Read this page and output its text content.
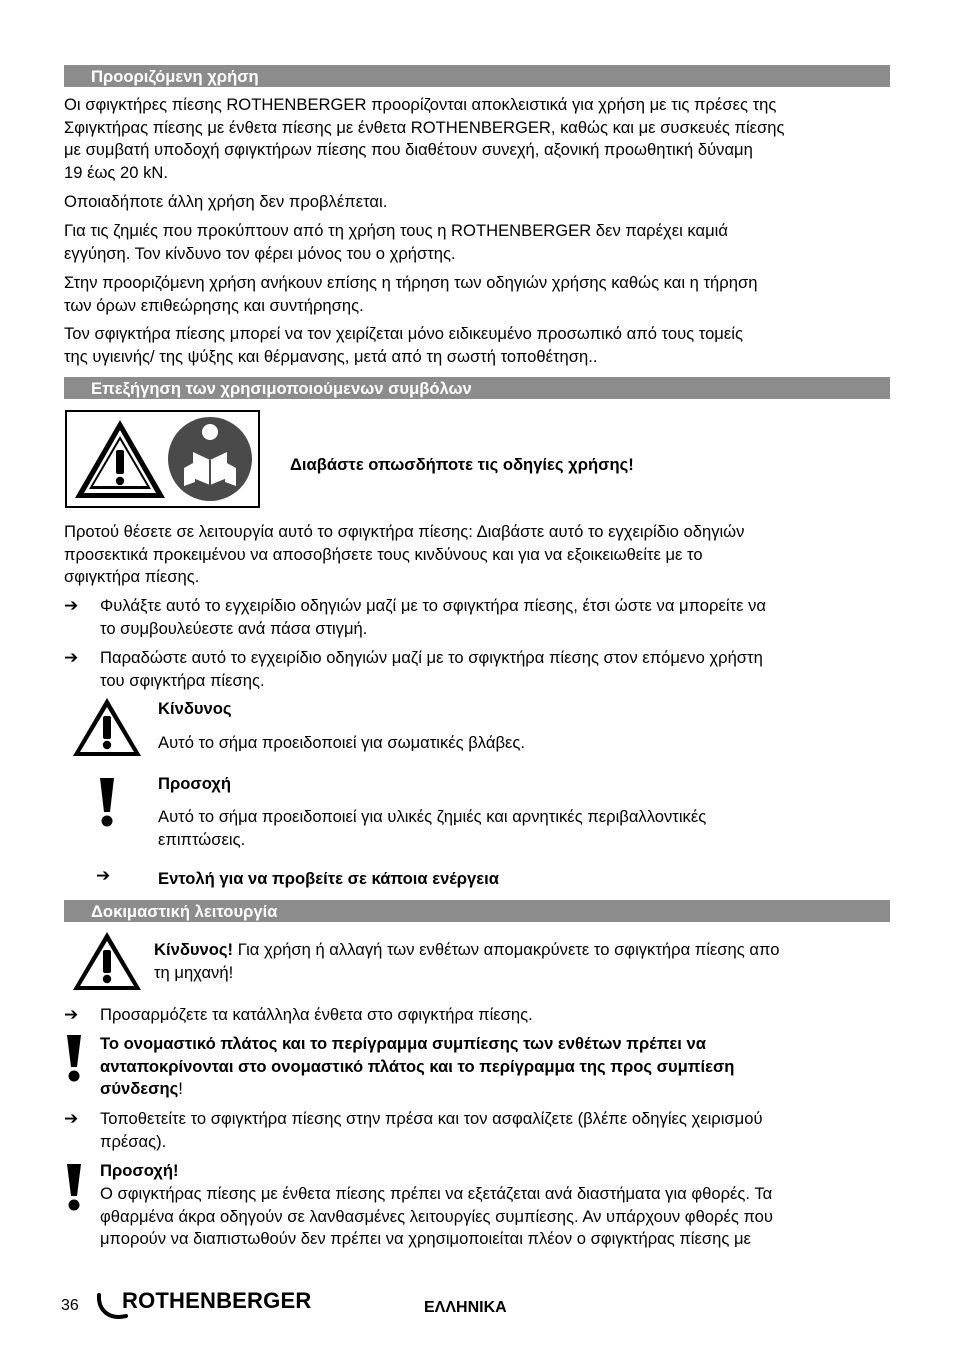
Προοριζόμενη χρήση

Οι σφιγκτήρες πίεσης ROTHENBERGER προορίζονται αποκλειστικά για χρήση με τις πρέσες της
Σφιγκτήρας πίεσης με ένθετα πίεσης με ένθετα ROTHENBERGER, καθώς και με συσκευές πίεσης
με συμβατή υποδοχή σφιγκτήρων πίεσης που διαθέτουν συνεχή, αξονική προωθητική δύναμη
19 έως 20 kN.

Οποιαδήποτε άλλη χρήση δεν προβλέπεται.

Για τις ζημιές που προκύπτουν από τη χρήση τους η ROTHENBERGER δεν παρέχει καμιά
εγγύηση. Τον κίνδυνο τον φέρει μόνος του ο χρήστης.

Στην προοριζόμενη χρήση ανήκουν επίσης η τήρηση των οδηγιών χρήσης καθώς και η τήρηση
των όρων επιθεώρησης και συντήρησης.

Τον σφιγκτήρα πίεσης μπορεί να τον χειρίζεται μόνο ειδικευμένο προσωπικό από τους τομείς
της υγιεινής/ της ψύξης και θέρμανσης, μετά από τη σωστή τοποθέτηση..

Επεξήγηση των χρησιμοποιούμενων συμβόλων
Διαβάστε οπωσδήποτε τις οδηγίες χρήσης!

Προτού θέσετε σε λειτουργία αυτό το σφιγκτήρα πίεσης: Διαβάστε αυτό το εγχειρίδιο οδηγιών
προσεκτικά προκειμένου να αποσοβήσετε τους κινδύνους και για να εξοικειωθείτε με το
σφιγκτήρα πίεσης.

➔ Φυλάξτε αυτό το εγχειρίδιο οδηγιών μαζί με το σφιγκτήρα πίεσης, έτσι ώστε να μπορείτε να
το συμβουλεύεστε ανά πάσα στιγμή.

➔ Παραδώστε αυτό το εγχειρίδιο οδηγιών μαζί με το σφιγκτήρα πίεσης στον επόμενο χρήστη
του σφιγκτήρα πίεσης.

Κίνδυνος
Αυτό το σήμα προειδοποιεί για σωματικές βλάβες.
Προσοχή

Αυτό το σήμα προειδοποιεί για υλικές ζημιές και αρνητικές περιβαλλοντικές
επιπτώσεις.

➔	Εντολή για να προβείτε σε κάποια ενέργεια
Δοκιμαστική λειτουργία

Κίνδυνος! Για χρήση ή αλλαγή των ενθέτων απομακρύνετε το σφιγκτήρα πίεσης απο
τη μηχανή!

➔ Προσαρμόζετε τα κατάλληλα ένθετα στο σφιγκτήρα πίεσης.

Το ονομαστικό πλάτος και το περίγραμμα συμπίεσης των ενθέτων πρέπει να
ανταποκρίνονται στο ονομαστικό πλάτος και το περίγραμμα της προς συμπίεση
σύνδεσης!

➔ Τοποθετείτε το σφιγκτήρα πίεσης στην πρέσα και τον ασφαλίζετε (βλέπε οδηγίες χειρισμού
πρέσας).

Προσοχή!

Ο σφιγκτήρας πίεσης με ένθετα πίεσης πρέπει να εξετάζεται ανά διαστήματα για φθορές. Τα
φθαρμένα άκρα οδηγούν σε λανθασμένες λειτουργίες συμπίεσης. Αν υπάρχουν φθορές που
μπορούν να διαπιστωθούν δεν πρέπει να χρησιμοποιείται πλέον ο σφιγκτήρας πίεσης με

36 ROTHENBERGER	ΕΛΛΗΝΙΚΑ
